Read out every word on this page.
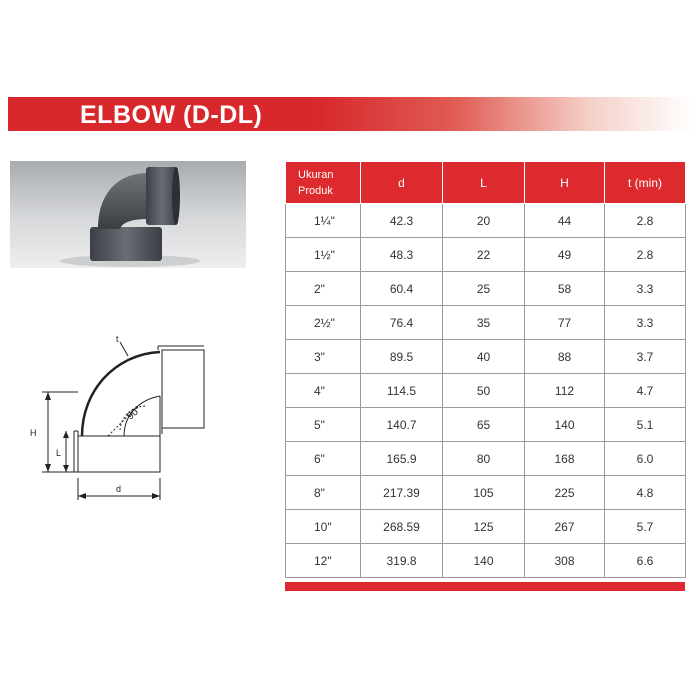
ELBOW (D-DL)
H
L
d
t
90°
Ukuran
Produk	d	L	H	t (min)
1¼"	42.3	20	44	2.8
1½"	48.3	22	49	2.8
2"	60.4	25	58	3.3
2½"	76.4	35	77	3.3
3"	89.5	40	88	3.7
4"	114.5	50	112	4.7
5"	140.7	65	140	5.1
6"	165.9	80	168	6.0
8"	217.39	105	225	4.8
10"	268.59	125	267	5.7
12"	319.8	140	308	6.6
